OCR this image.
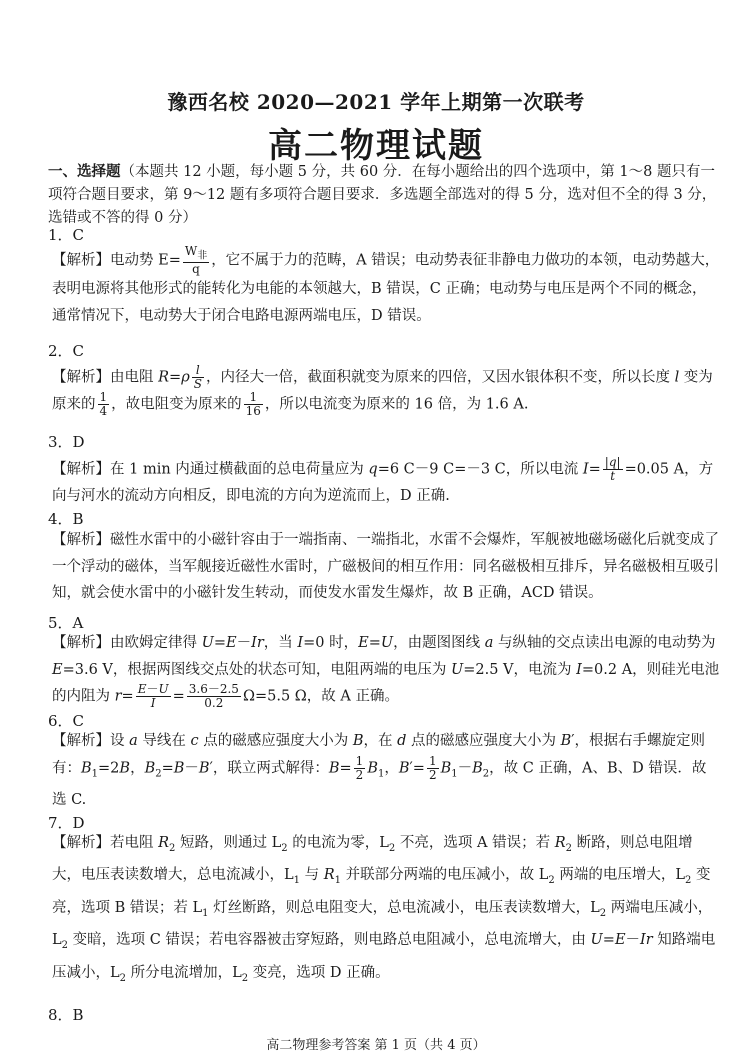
豫西名校 2020—2021 学年上期第一次联考
高二物理试题
一、选择题（本题共 12 小题，每小题 5 分，共 60 分．在每小题给出的四个选项中，第 1～8 题只有一项符合题目要求，第 9～12 题有多项符合题目要求．多选题全部选对的得 5 分，选对但不全的得 3 分，选错或不答的得 0 分）
1．C
【解析】电动势 $E= \frac{W_非}{q}$ ，它不属于力的范畴，A 错误；电动势表征非静电力做功的本领，电动势越大，表明电源将其他形式的能转化为电能的本领越大，B 错误，C 正确；电动势与电压是两个不同的概念，通常情况下，电动势大于闭合电路电源两端电压，D 错误。
2．C
【解析】由电阻 $R=\rho \frac{l}{S}$ ，内径大一倍，截面积就变为原来的四倍，又因水银体积不变，所以长度 l 变为原来的 $\frac{1}{4}$ ，故电阻变为原来的 $\frac{1}{16}$ ，所以电流变为原来的 16 倍，为 1.6 A.
3．D
【解析】在 1 min 内通过横截面的总电荷量应为 q=6 C－9 C=－3 C，所以电流 $I= \frac{|q|}{t} =0.05$ A，方向与河水的流动方向相反，即电流的方向为逆流而上，D 正确.
4．B
【解析】磁性水雷中的小磁针容由于一端指南、一端指北，水雷不会爆炸，军舰被地磁场磁化后就变成了一个浮动的磁体，当军舰接近磁性水雷时，广磁极间的相互作用：同名磁极相互排斥，异名磁极相互吸引知，就会使水雷中的小磁针发生转动，而使发水雷发生爆炸，故 B 正确，ACD 错误。
5．A
【解析】由欧姆定律得 U=E－Ir，当 I=0 时，E=U，由题图图线 a 与纵轴的交点读出电源的电动势为 E=3.6 V，根据两图线交点处的状态可知，电阻两端的电压为 U=2.5 V，电流为 I=0.2 A，则硅光电池的内阻为 $r= \frac{E-U}{I} = \frac{3.6-2.5}{0.2} \Omega=5.5$ Ω，故 A 正确。
6．C
【解析】设 a 导线在 c 点的磁感应强度大小为 B，在 d 点的磁感应强度大小为 B′，根据右手螺旋定则有：$B_1=2B$，$B_2=B-B'$，联立两式解得：$B= \frac{1}{2} B_1$，$B'= \frac{1}{2} B_1-B_2$，故 C 正确，A、B、D 错误．故选 C.
7．D
【解析】若电阻 $R_2$ 短路，则通过 $L_2$ 的电流为零，$L_2$ 不亮，选项 A 错误；若 $R_2$ 断路，则总电阻增大，电压表读数增大，总电流减小，$L_1$ 与 $R_1$ 并联部分两端的电压减小，故 $L_2$ 两端的电压增大，$L_2$ 变亮，选项 B 错误；若 $L_1$ 灯丝断路，则总电阻变大，总电流减小，电压表读数增大，$L_2$ 两端电压减小，$L_2$ 变暗，选项 C 错误；若电容器被击穿短路，则电路总电阻减小，总电流增大，由 U=E－Ir 知路端电压减小，$L_2$ 所分电流增加，$L_2$ 变亮，选项 D 正确。
8．B
高二物理参考答案 第 1 页（共 4 页）
